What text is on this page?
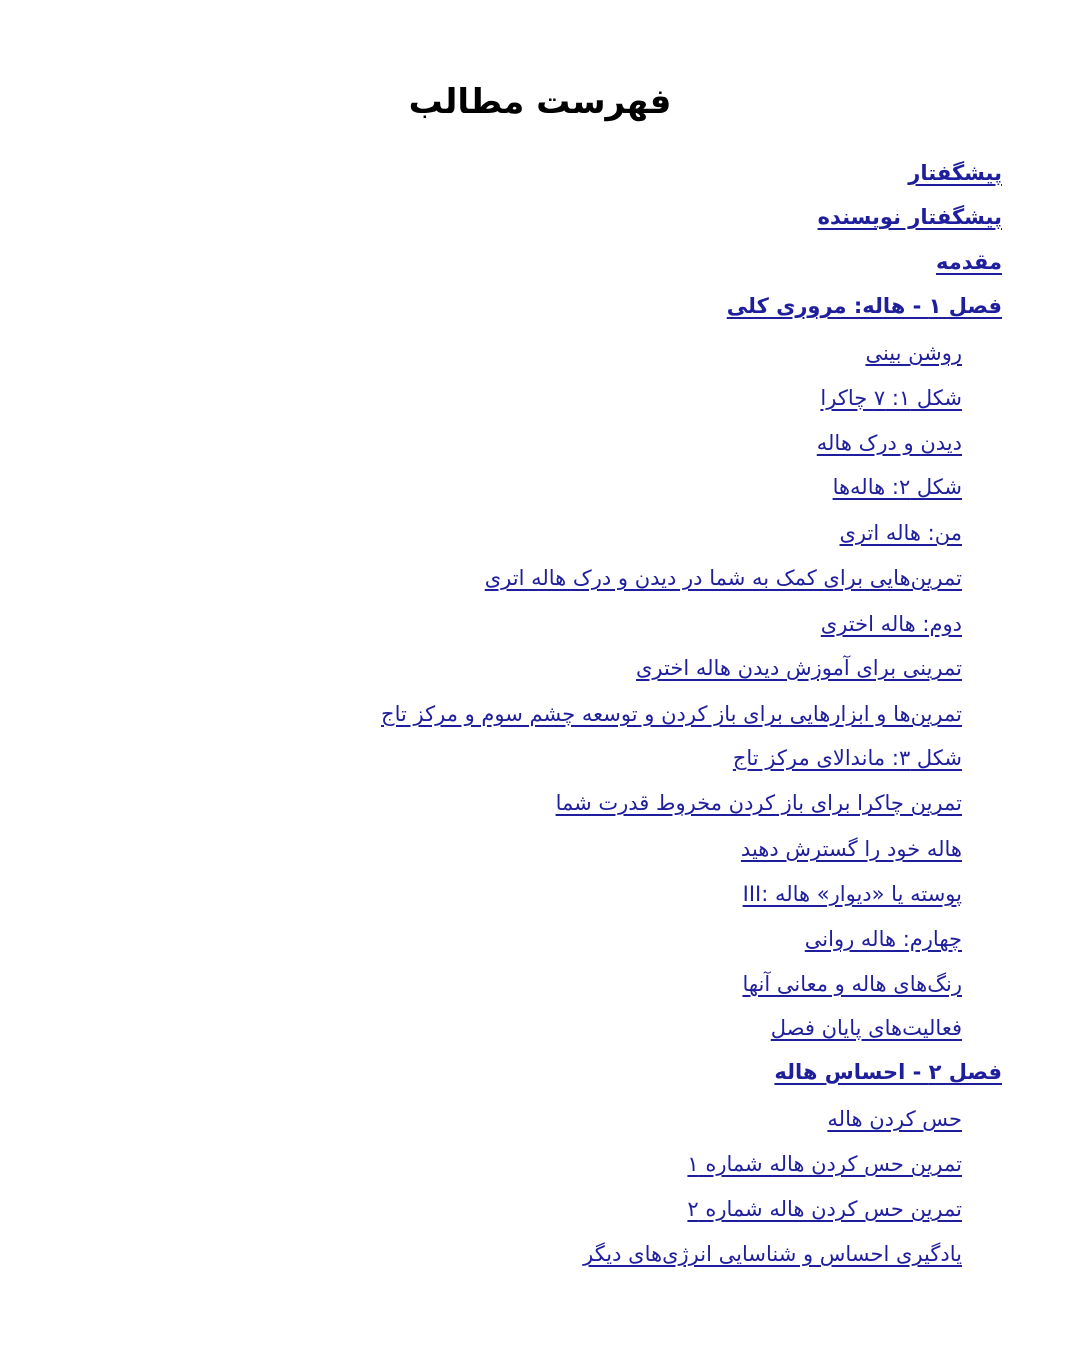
فهرست مطالب
پیشگفتار
پیشگفتار نویسنده
مقدمه
فصل ۱ - هاله: مروری کلی
روشن بینی
شکل ۱: ۷ چاکرا
دیدن و درک هاله
شکل ۲: هاله‌ها
من: هاله اتری
تمرین‌هایی برای کمک به شما در دیدن و درک هاله اتری
دوم: هاله اختری
تمرینی برای آموزش دیدن هاله اختری
تمرین‌ها و ابزارهایی برای باز کردن و توسعه چشم سوم و مرکز تاج
شکل ۳: ماندالای مرکز تاج
تمرین چاکرا برای باز کردن مخروط قدرت شما
هاله خود را گسترش دهید
III: پوسته یا «دیوار» هاله
چهارم: هاله روانی
رنگ‌های هاله و معانی آنها
فعالیت‌های پایان فصل
فصل ۲ - احساس هاله
حس کردن هاله
تمرین حس کردن هاله شماره ۱
تمرین حس کردن هاله شماره ۲
یادگیری احساس و شناسایی انرژی‌های دیگر
